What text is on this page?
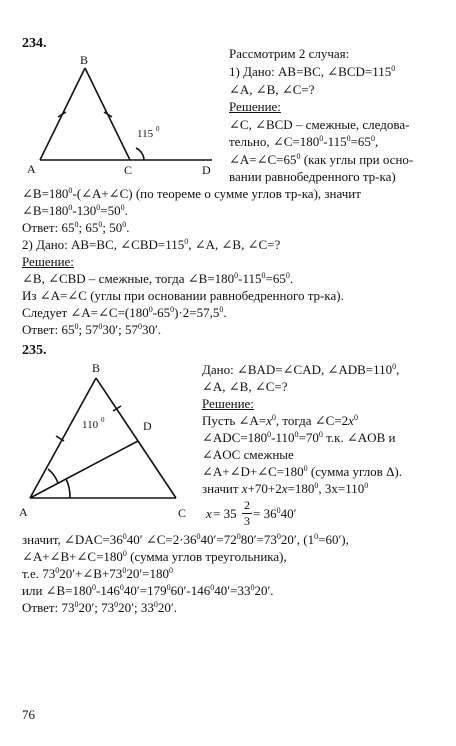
234.
B
A	C	D
115 0
Рассмотрим 2 случая:
1) Дано: AB=BC, $\angle BCD=115^0$
∠A, ∠B, ∠C=?
Решение:
∠C, ∠BCD – смежные, следова-
тельно, $\angle C=180^0-115^0=65^0$,
$\angle A=\angle C=65^0$ (как углы при осно-
вании равнобедренного тр-ка)
$\angle B=180^0-(\angle A+\angle C)$ (по теореме о сумме углов тр-ка), значит
$\angle B=180^0-130^0=50^0$.
Ответ: $65^0$; $65^0$; $50^0$.
2) Дано: AB=BC, $\angle CBD=115^0$, ∠A, ∠B, ∠C=?
Решение:
∠B, ∠CBD – смежные, тогда $\angle B=180^0-115^0=65^0$.
Из ∠A=∠C (углы при основании равнобедренного тр-ка).
Следует $\angle A=\angle C=(180^0-65^0)\cdot 2=57,5^0$.
Ответ: $65^0$; $57^030'$; $57^030'$.
235.
B
A	C
D
110 0
Дано: ∠BAD=∠CAD, $\angle ADB=110^0$,
∠A, ∠B, ∠C=?
Решение:
Пусть $\angle A=x^0$, тогда $\angle C=2x^0$
$\angle ADC=180^0-110^0=70^0$ т.к. ∠AOB и
∠AOC смежные
$\angle A+\angle D+\angle C=180^0$ (сумма углов Δ).
значит $x+70+2x=180^0$, $3x=110^0$
x = 35
2
$3 = 36^040'$
значит, $\angle DAC=36^040'$ $\angle C=2\cdot 36^040'=72^080'=73^020'$, $(1^0=60')$,
$\angle A+\angle B+\angle C=180^0$ (сумма углов треугольника),
т.е. $73^020'+\angle B+73^020'=180^0$
или $\angle B=180^0-146^040'=179^060'-146^040'=33^020'$.
Ответ: $73^020'$; $73^020'$; $33^020'$.
76
